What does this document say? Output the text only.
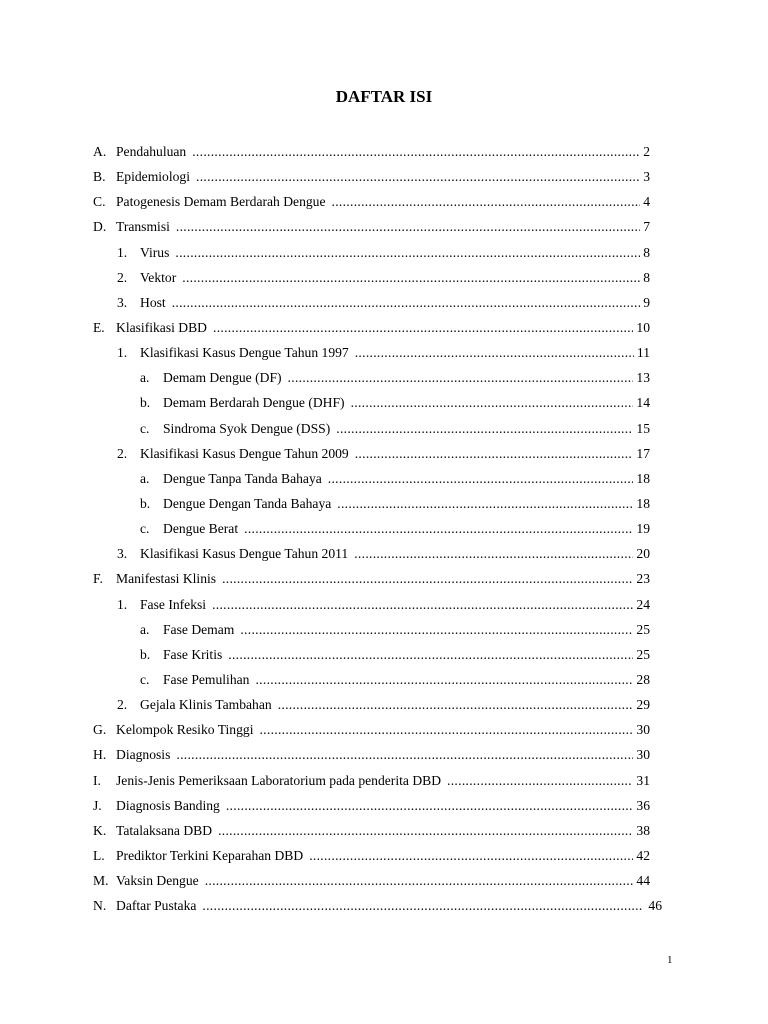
DAFTAR ISI
A. Pendahuluan .....	2
B. Epidemiologi .....	3
C. Patogenesis Demam Berdarah Dengue .....	4
D. Transmisi .....	7
1. Virus .....	8
2. Vektor .....	8
3. Host .....	9
E. Klasifikasi DBD .....	10
1. Klasifikasi Kasus Dengue Tahun 1997 .....	11
a. Demam Dengue (DF) .....	13
b. Demam Berdarah Dengue (DHF) .....	14
c. Sindroma Syok Dengue (DSS) .....	15
2. Klasifikasi Kasus Dengue Tahun 2009 .....	17
a. Dengue Tanpa Tanda Bahaya .....	18
b. Dengue Dengan Tanda Bahaya .....	18
c. Dengue Berat .....	19
3. Klasifikasi Kasus Dengue Tahun 2011 .....	20
F. Manifestasi Klinis .....	23
1. Fase Infeksi .....	24
a. Fase Demam .....	25
b. Fase Kritis .....	25
c. Fase Pemulihan .....	28
2. Gejala Klinis Tambahan .....	29
G. Kelompok Resiko Tinggi .....	30
H. Diagnosis .....	30
I. Jenis-Jenis Pemeriksaan Laboratorium pada penderita DBD .....	31
J. Diagnosis Banding .....	36
K. Tatalaksana DBD .....	38
L. Prediktor Terkini Keparahan DBD .....	42
M. Vaksin Dengue .....	44
N. Daftar Pustaka .....	46
1
